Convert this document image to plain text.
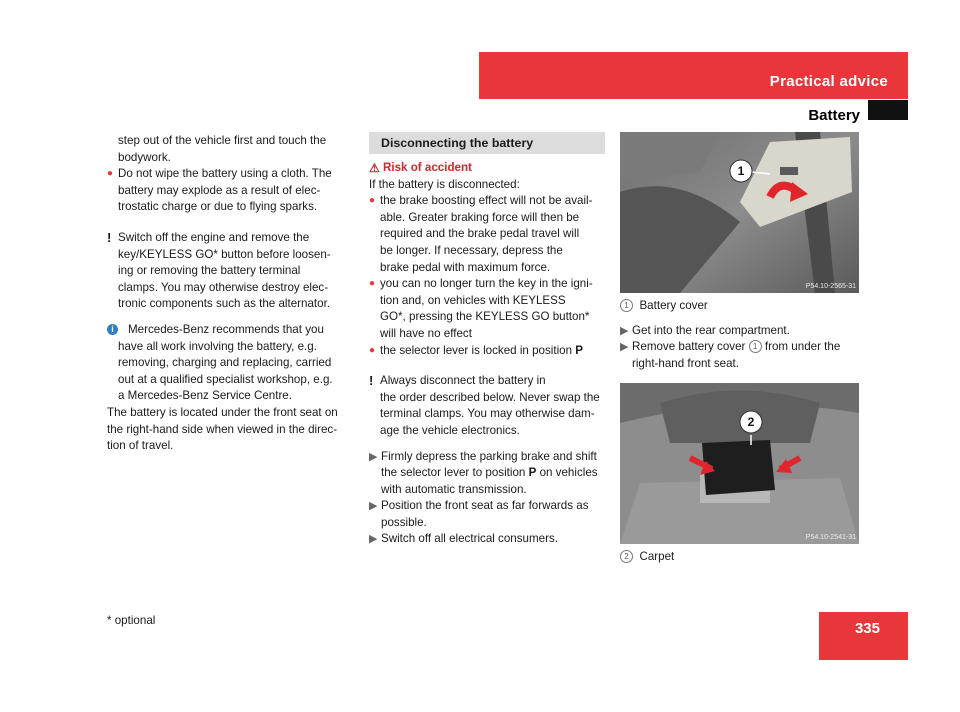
Practical advice
Battery

step out of the vehicle first and touch the

bodywork.

● Do not wipe the battery using a cloth. The

battery may explode as a result of elec-

trostatic charge or due to flying sparks.

! Switch off the engine and remove the

key/KEYLESS GO* button before loosen-

ing or removing the battery terminal

clamps. You may otherwise destroy elec-

tronic components such as the alternator.

i	Mercedes-Benz recommends that you

have all work involving the battery, e.g.

removing, charging and replacing, carried

out at a qualified specialist workshop, e.g.

a Mercedes-Benz Service Centre.

The battery is located under the front seat on

the right-hand side when viewed in the direc-

tion of travel.

Disconnecting the battery
⚠ Risk of accident

If the battery is disconnected:

● the brake boosting effect will not be avail-

able. Greater braking force will then be

required and the brake pedal travel will

be longer. If necessary, depress the

brake pedal with maximum force.

● you can no longer turn the key in the igni-

tion and, on vehicles with KEYLESS

GO*, pressing the KEYLESS GO button*

will have no effect

● the selector lever is locked in position P

! Always disconnect the battery in

the order described below. Never swap the

terminal clamps. You may otherwise dam-

age the vehicle electronics.

▶ Firmly depress the parking brake and shift

the selector lever to position P on vehicles

with automatic transmission.

▶ Position the front seat as far forwards as

possible.

▶ Switch off all electrical consumers.

1
P54.10-2565-31

1 Battery cover

▶ Get into the rear compartment.

▶ Remove battery cover 1 from under the

right-hand front seat.

2
P54.10-2541-31

2 Carpet

* optional	335
